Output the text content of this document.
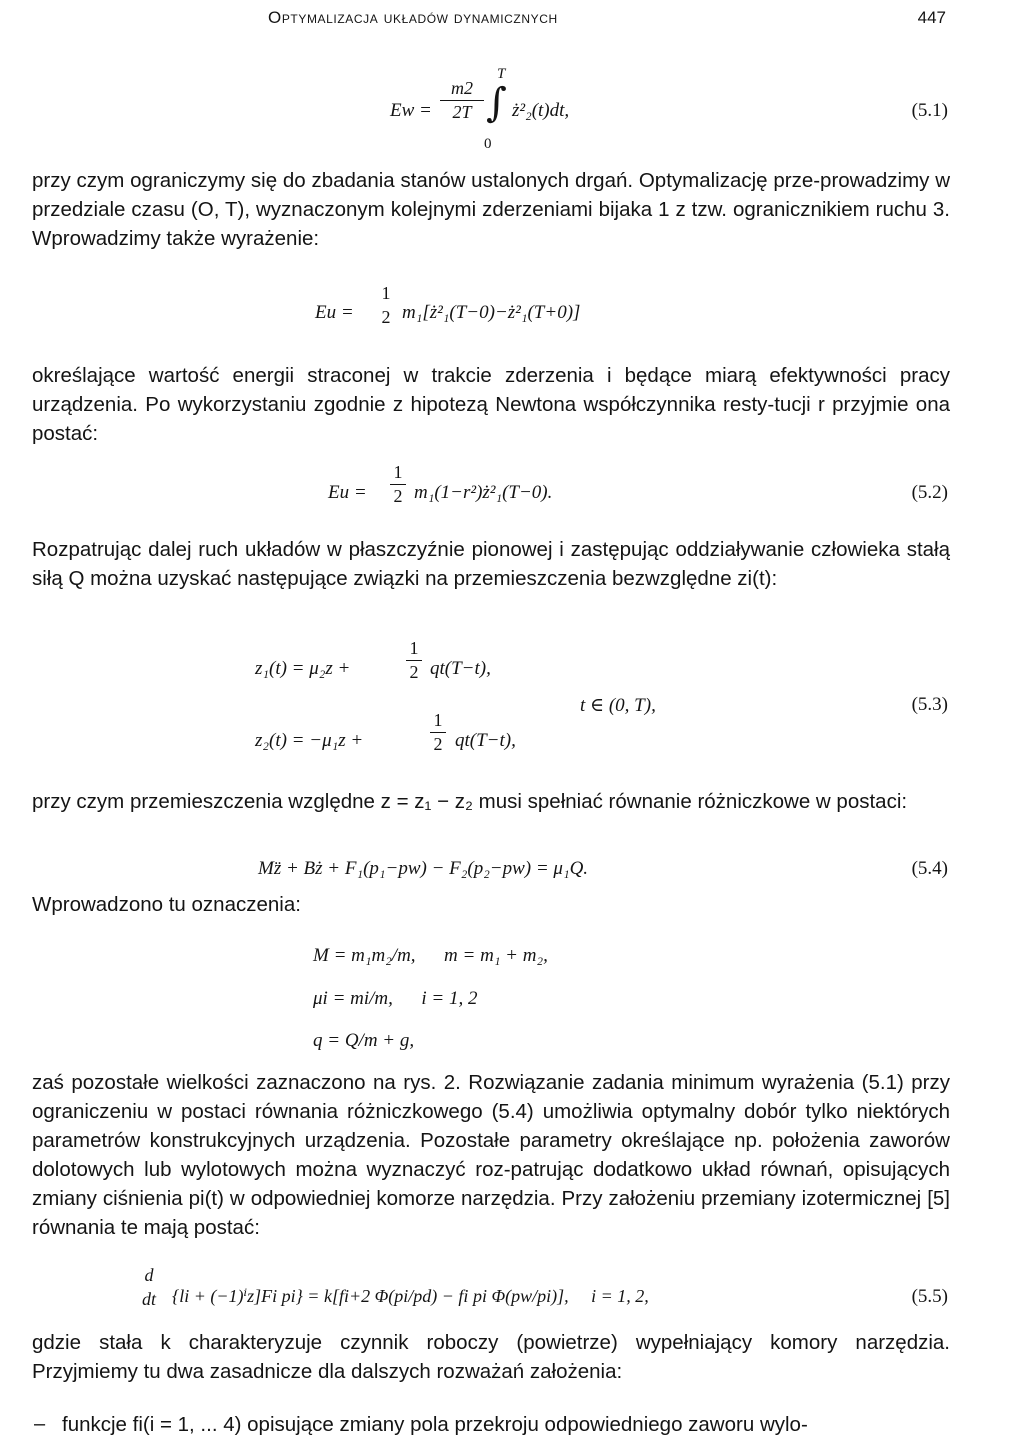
Optymalizacja układów dynamicznych	447
Ew =
m2
2T
T
∫
0
ż²₂(t)dt,	(5.1)

przy czym ograniczymy się do zbadania stanów ustalonych drgań. Optymalizację prze-prowadzimy w przedziale czasu (O, T), wyznaczonym kolejnymi zderzeniami bijaka 1 z tzw. ogranicznikiem ruchu 3. Wprowadzimy także wyrażenie:

Eu =
1
2 m₁[ż²₁(T−0)−ż²₁(T+0)]

określające wartość energii straconej w trakcie zderzenia i będące miarą efektywności pracy urządzenia. Po wykorzystaniu zgodnie z hipotezą Newtona współczynnika resty-tucji r przyjmie ona postać:

Eu =
1
2 m₁(1−r²)ż²₁(T−0).	(5.2)

Rozpatrując dalej ruch układów w płaszczyźnie pionowej i zastępując oddziaływanie człowieka stałą siłą Q można uzyskać następujące związki na przemieszczenia bezwzględne zi(t):

z₁(t) = μ₂z +
1
2 qt(T−t),
t ∈ (0, T),	(5.3)
z₂(t) = −μ₁z +
1
2 qt(T−t),

przy czym przemieszczenia względne z = z₁ − z₂ musi spełniać równanie różniczkowe w postaci:

Mz̈ + Bż + F₁(p₁−pw) − F₂(p₂−pw) = μ₁Q.	(5.4)

Wprowadzono tu oznaczenia:

M = m₁m₂/m,      m = m₁ + m₂,
μi = mi/m,      i = 1, 2
q = Q/m + g,

zaś pozostałe wielkości zaznaczono na rys. 2. Rozwiązanie zadania minimum wyrażenia (5.1) przy ograniczeniu w postaci równania różniczkowego (5.4) umożliwia optymalny dobór tylko niektórych parametrów konstrukcyjnych urządzenia. Pozostałe parametry określające np. położenia zaworów dolotowych lub wylotowych można wyznaczyć roz-patrując dodatkowo układ równań, opisujących zmiany ciśnienia pi(t) w odpowiedniej komorze narzędzia. Przy założeniu przemiany izotermicznej [5] równania te mają postać:

d
dt {li + (−1)ⁱz]Fi pi} = k[fi+2 Φ(pi/pd) − fi pi Φ(pw/pi)],     i = 1, 2,	(5.5)

gdzie stała k charakteryzuje czynnik roboczy (powietrze) wypełniający komory narzędzia. Przyjmiemy tu dwa zasadnicze dla dalszych rozważań założenia:

– funkcje fi(i = 1, ... 4) opisujące zmiany pola przekroju odpowiedniego zaworu wylo-
